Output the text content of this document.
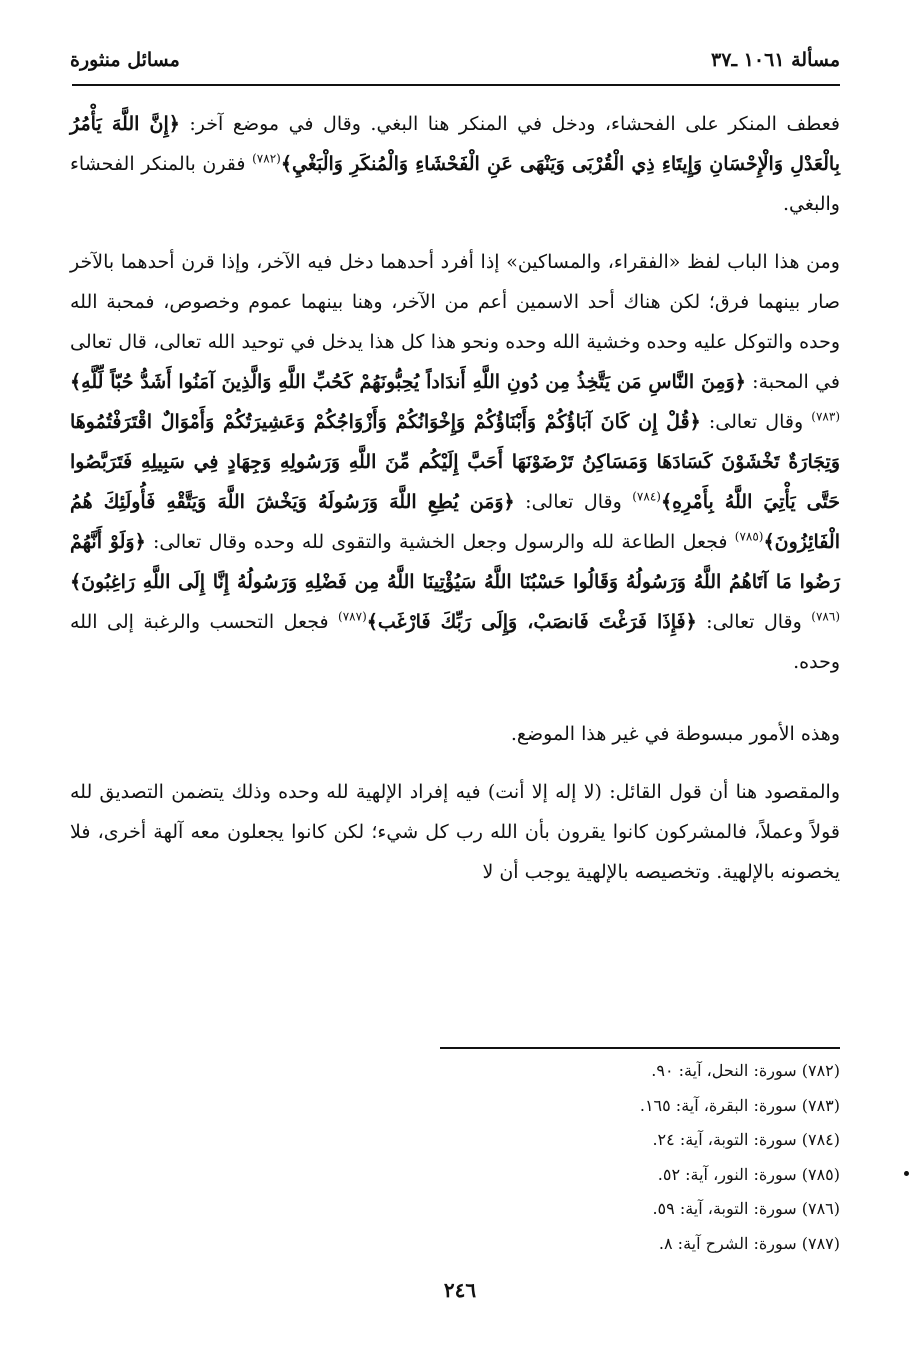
مسألة ١٠٦١ ـ٣٧
مسائل منثورة

فعطف المنكر على الفحشاء، ودخل في المنكر هنا البغي. وقال في موضع آخر: ﴿إِنَّ اللَّهَ يَأْمُرُ بِالْعَدْلِ وَالْإِحْسَانِ وَإِيتَاءِ ذِي الْقُرْبَى وَيَنْهَى عَنِ الْفَحْشَاءِ وَالْمُنكَرِ وَالْبَغْيِ﴾$^{(٧٨٢)}$ فقرن بالمنكر الفحشاء والبغي.

ومن هذا الباب لفظ «الفقراء، والمساكين» إذا أفرد أحدهما دخل فيه الآخر، وإذا قرن أحدهما بالآخر صار بينهما فرق؛ لكن هناك أحد الاسمين أعم من الآخر، وهنا بينهما عموم وخصوص، فمحبة الله وحده والتوكل عليه وحده وخشية الله وحده ونحو هذا كل هذا يدخل في توحيد الله تعالى، قال تعالى في المحبة: ﴿وَمِنَ النَّاسِ مَن يَتَّخِذُ مِن دُونِ اللَّهِ أَندَاداً يُحِبُّونَهُمْ كَحُبِّ اللَّهِ وَالَّذِينَ آمَنُوا أَشَدُّ حُبّاً لِّلَّهِ﴾$^{(٧٨٣)}$ وقال تعالى: ﴿قُلْ إِن كَانَ آبَاؤُكُمْ وَأَبْنَاؤُكُمْ وَإِخْوَانُكُمْ وَأَزْوَاجُكُمْ وَعَشِيرَتُكُمْ وَأَمْوَالٌ اقْتَرَفْتُمُوهَا وَتِجَارَةٌ تَخْشَوْنَ كَسَادَهَا وَمَسَاكِنُ تَرْضَوْنَهَا أَحَبَّ إِلَيْكُم مِّنَ اللَّهِ وَرَسُولِهِ وَجِهَادٍ فِي سَبِيلِهِ فَتَرَبَّصُوا حَتَّى يَأْتِيَ اللَّهُ بِأَمْرِهِ﴾$^{(٧٨٤)}$ وقال تعالى: ﴿وَمَن يُطِعِ اللَّهَ وَرَسُولَهُ وَيَخْشَ اللَّهَ وَيَتَّقْهِ فَأُولَئِكَ هُمُ الْفَائِزُونَ﴾$^{(٧٨٥)}$ فجعل الطاعة لله والرسول وجعل الخشية والتقوى لله وحده وقال تعالى: ﴿وَلَوْ أَنَّهُمْ رَضُوا مَا آتَاهُمُ اللَّهُ وَرَسُولُهُ وَقَالُوا حَسْبُنَا اللَّهُ سَيُؤْتِينَا اللَّهُ مِن فَضْلِهِ وَرَسُولُهُ إِنَّا إِلَى اللَّهِ رَاغِبُونَ﴾$^{(٧٨٦)}$ وقال تعالى: ﴿فَإِذَا فَرَغْتَ فَانصَبْ، وَإِلَى رَبِّكَ فَارْغَب﴾$^{(٧٨٧)}$ فجعل التحسب والرغبة إلى الله وحده.

وهذه الأمور مبسوطة في غير هذا الموضع.

والمقصود هنا أن قول القائل: (لا إله إلا أنت) فيه إفراد الإلهية لله وحده وذلك يتضمن التصديق لله قولاً وعملاً، فالمشركون كانوا يقرون بأن الله رب كل شيء؛ لكن كانوا يجعلون معه آلهة أخرى، فلا يخصونه بالإلهية. وتخصيصه بالإلهية يوجب أن لا

(٧٨٢) سورة: النحل، آية: ٩٠.
(٧٨٣) سورة: البقرة، آية: ١٦٥.
(٧٨٤) سورة: التوبة، آية: ٢٤.
(٧٨٥) سورة: النور، آية: ٥٢.
(٧٨٦) سورة: التوبة، آية: ٥٩.
(٧٨٧) سورة: الشرح آية: ٨.
٢٤٦
